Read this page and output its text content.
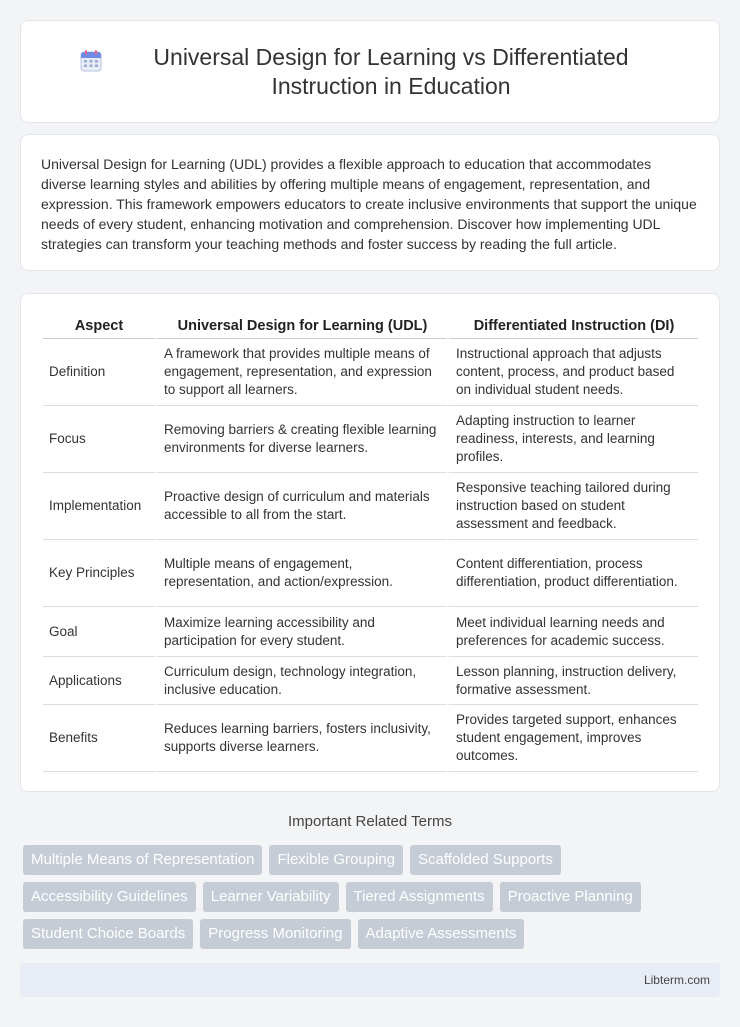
Universal Design for Learning vs Differentiated Instruction in Education

Universal Design for Learning (UDL) provides a flexible approach to education that accommodates diverse learning styles and abilities by offering multiple means of engagement, representation, and expression. This framework empowers educators to create inclusive environments that support the unique needs of every student, enhancing motivation and comprehension. Discover how implementing UDL strategies can transform your teaching methods and foster success by reading the full article.

Aspect	Universal Design for Learning (UDL)	Differentiated Instruction (DI)
Definition	A framework that provides multiple means of engagement, representation, and expression to support all learners.	Instructional approach that adjusts content, process, and product based on individual student needs.
Focus	Removing barriers & creating flexible learning environments for diverse learners.	Adapting instruction to learner readiness, interests, and learning profiles.
Implementation	Proactive design of curriculum and materials accessible to all from the start.	Responsive teaching tailored during instruction based on student assessment and feedback.
Key Principles	Multiple means of engagement, representation, and action/expression.	Content differentiation, process differentiation, product differentiation.
Goal	Maximize learning accessibility and participation for every student.	Meet individual learning needs and preferences for academic success.
Applications	Curriculum design, technology integration, inclusive education.	Lesson planning, instruction delivery, formative assessment.
Benefits	Reduces learning barriers, fosters inclusivity, supports diverse learners.	Provides targeted support, enhances student engagement, improves outcomes.
Important Related Terms
Multiple Means of Representation	Flexible Grouping	Scaffolded Supports
Accessibility Guidelines	Learner Variability	Tiered Assignments	Proactive Planning
Student Choice Boards	Progress Monitoring	Adaptive Assessments
Libterm.com
